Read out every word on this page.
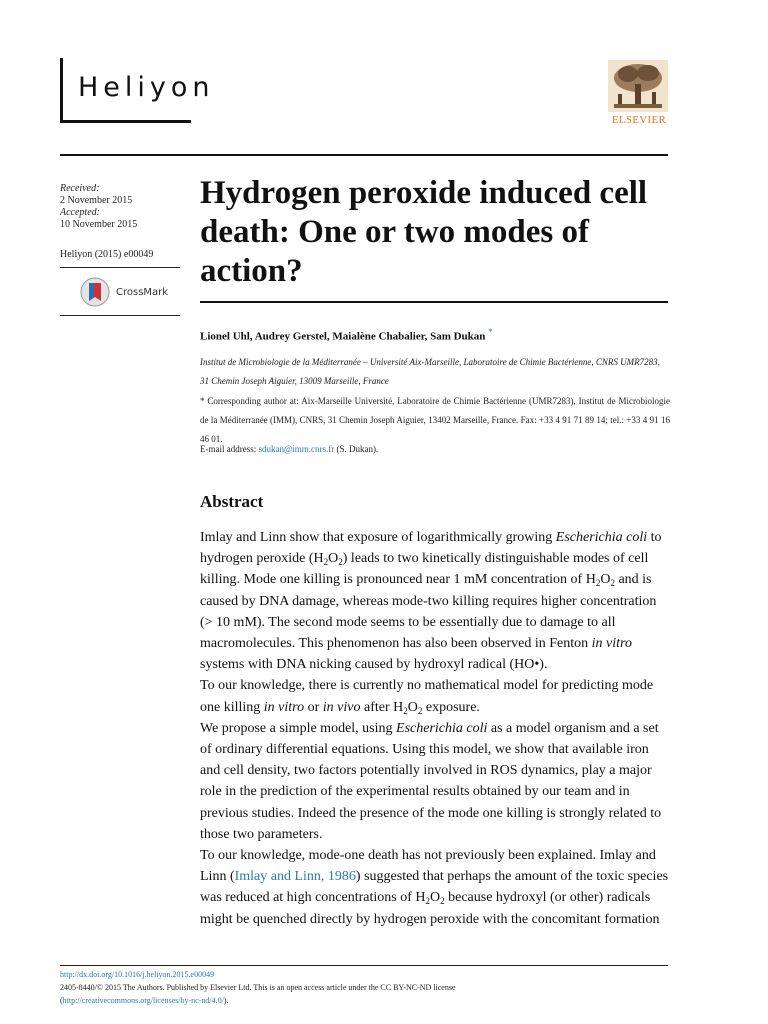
Heliyon
ELSEVIER
Received:
2 November 2015
Accepted:
10 November 2015
Heliyon (2015) e00049
CrossMark
Hydrogen peroxide induced cell death: One or two modes of action?
Lionel Uhl, Audrey Gerstel, Maialène Chabalier, Sam Dukan *
Institut de Microbiologie de la Méditerranée – Université Aix-Marseille, Laboratoire de Chimie Bactérienne, CNRS UMR7283, 31 Chemin Joseph Aiguier, 13009 Marseille, France
* Corresponding author at: Aix-Marseille Université, Laboratoire de Chimie Bactérienne (UMR7283), Institut de Microbiologie de la Méditerranée (IMM), CNRS, 31 Chemin Joseph Aiguier, 13402 Marseille, France. Fax: +33 4 91 71 89 14; tel.: +33 4 91 16 46 01.
E-mail address: sdukan@imm.cnrs.fr (S. Dukan).
Abstract

Imlay and Linn show that exposure of logarithmically growing Escherichia coli to hydrogen peroxide $(H_2O_2)$ leads to two kinetically distinguishable modes of cell killing. Mode one killing is pronounced near 1 mM concentration of $H_2O_2$ and is caused by DNA damage, whereas mode-two killing requires higher concentration (> 10 mM). The second mode seems to be essentially due to damage to all macromolecules. This phenomenon has also been observed in Fenton in vitro systems with DNA nicking caused by hydroxyl radical (HO•).

To our knowledge, there is currently no mathematical model for predicting mode one killing in vitro or in vivo after $H_2O_2$ exposure.

We propose a simple model, using Escherichia coli as a model organism and a set of ordinary differential equations. Using this model, we show that available iron and cell density, two factors potentially involved in ROS dynamics, play a major role in the prediction of the experimental results obtained by our team and in previous studies. Indeed the presence of the mode one killing is strongly related to those two parameters.

To our knowledge, mode-one death has not previously been explained. Imlay and Linn (Imlay and Linn, 1986) suggested that perhaps the amount of the toxic species was reduced at high concentrations of $H_2O_2$ because hydroxyl (or other) radicals might be quenched directly by hydrogen peroxide with the concomitant formation

http://dx.doi.org/10.1016/j.heliyon.2015.e00049
2405-8440/© 2015 The Authors. Published by Elsevier Ltd. This is an open access article under the CC BY-NC-ND license
(http://creativecommons.org/licenses/by-nc-nd/4.0/).
